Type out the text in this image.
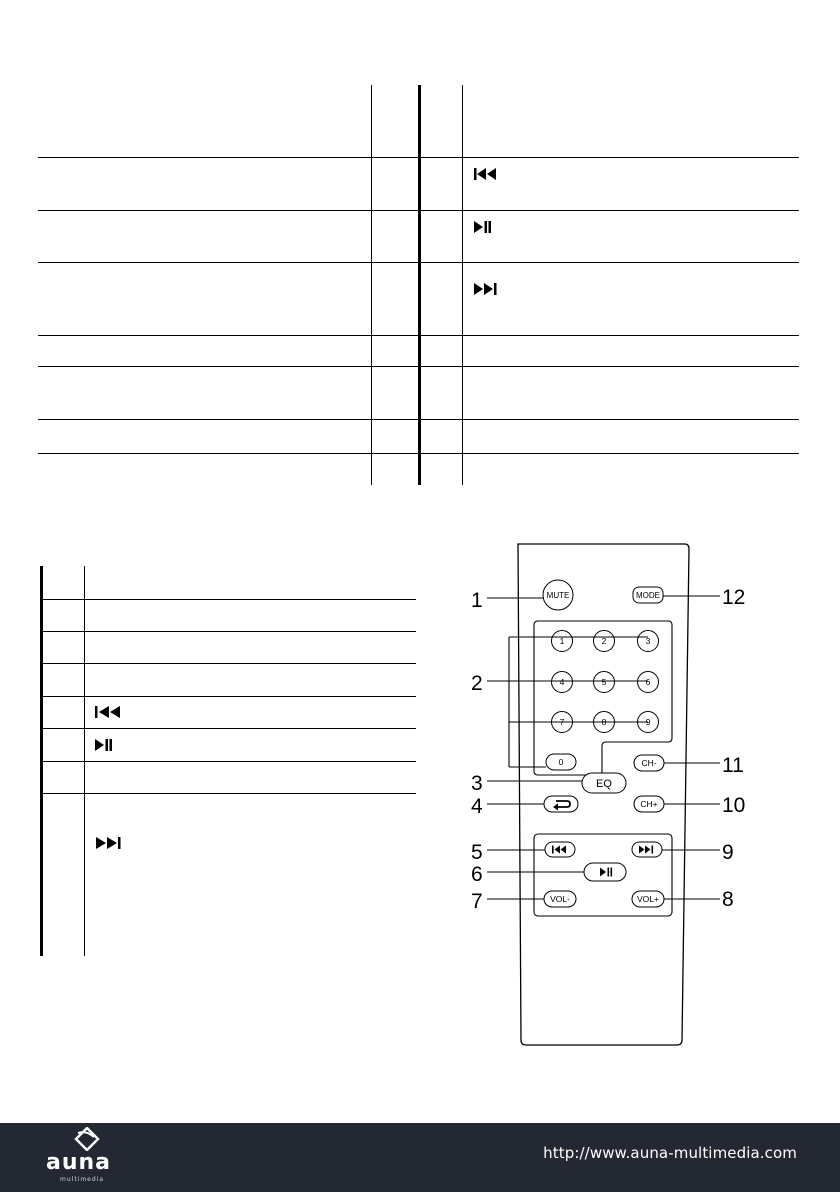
MUTE	MODE
1	2	3
4	5	6
7	8	9
0	CH-
CH+
EQ
VOL-	VOL+
1	12
2
11
3
4	10
5	9
6
7	8
auna
multimedia
http://www.auna-multimedia.com
